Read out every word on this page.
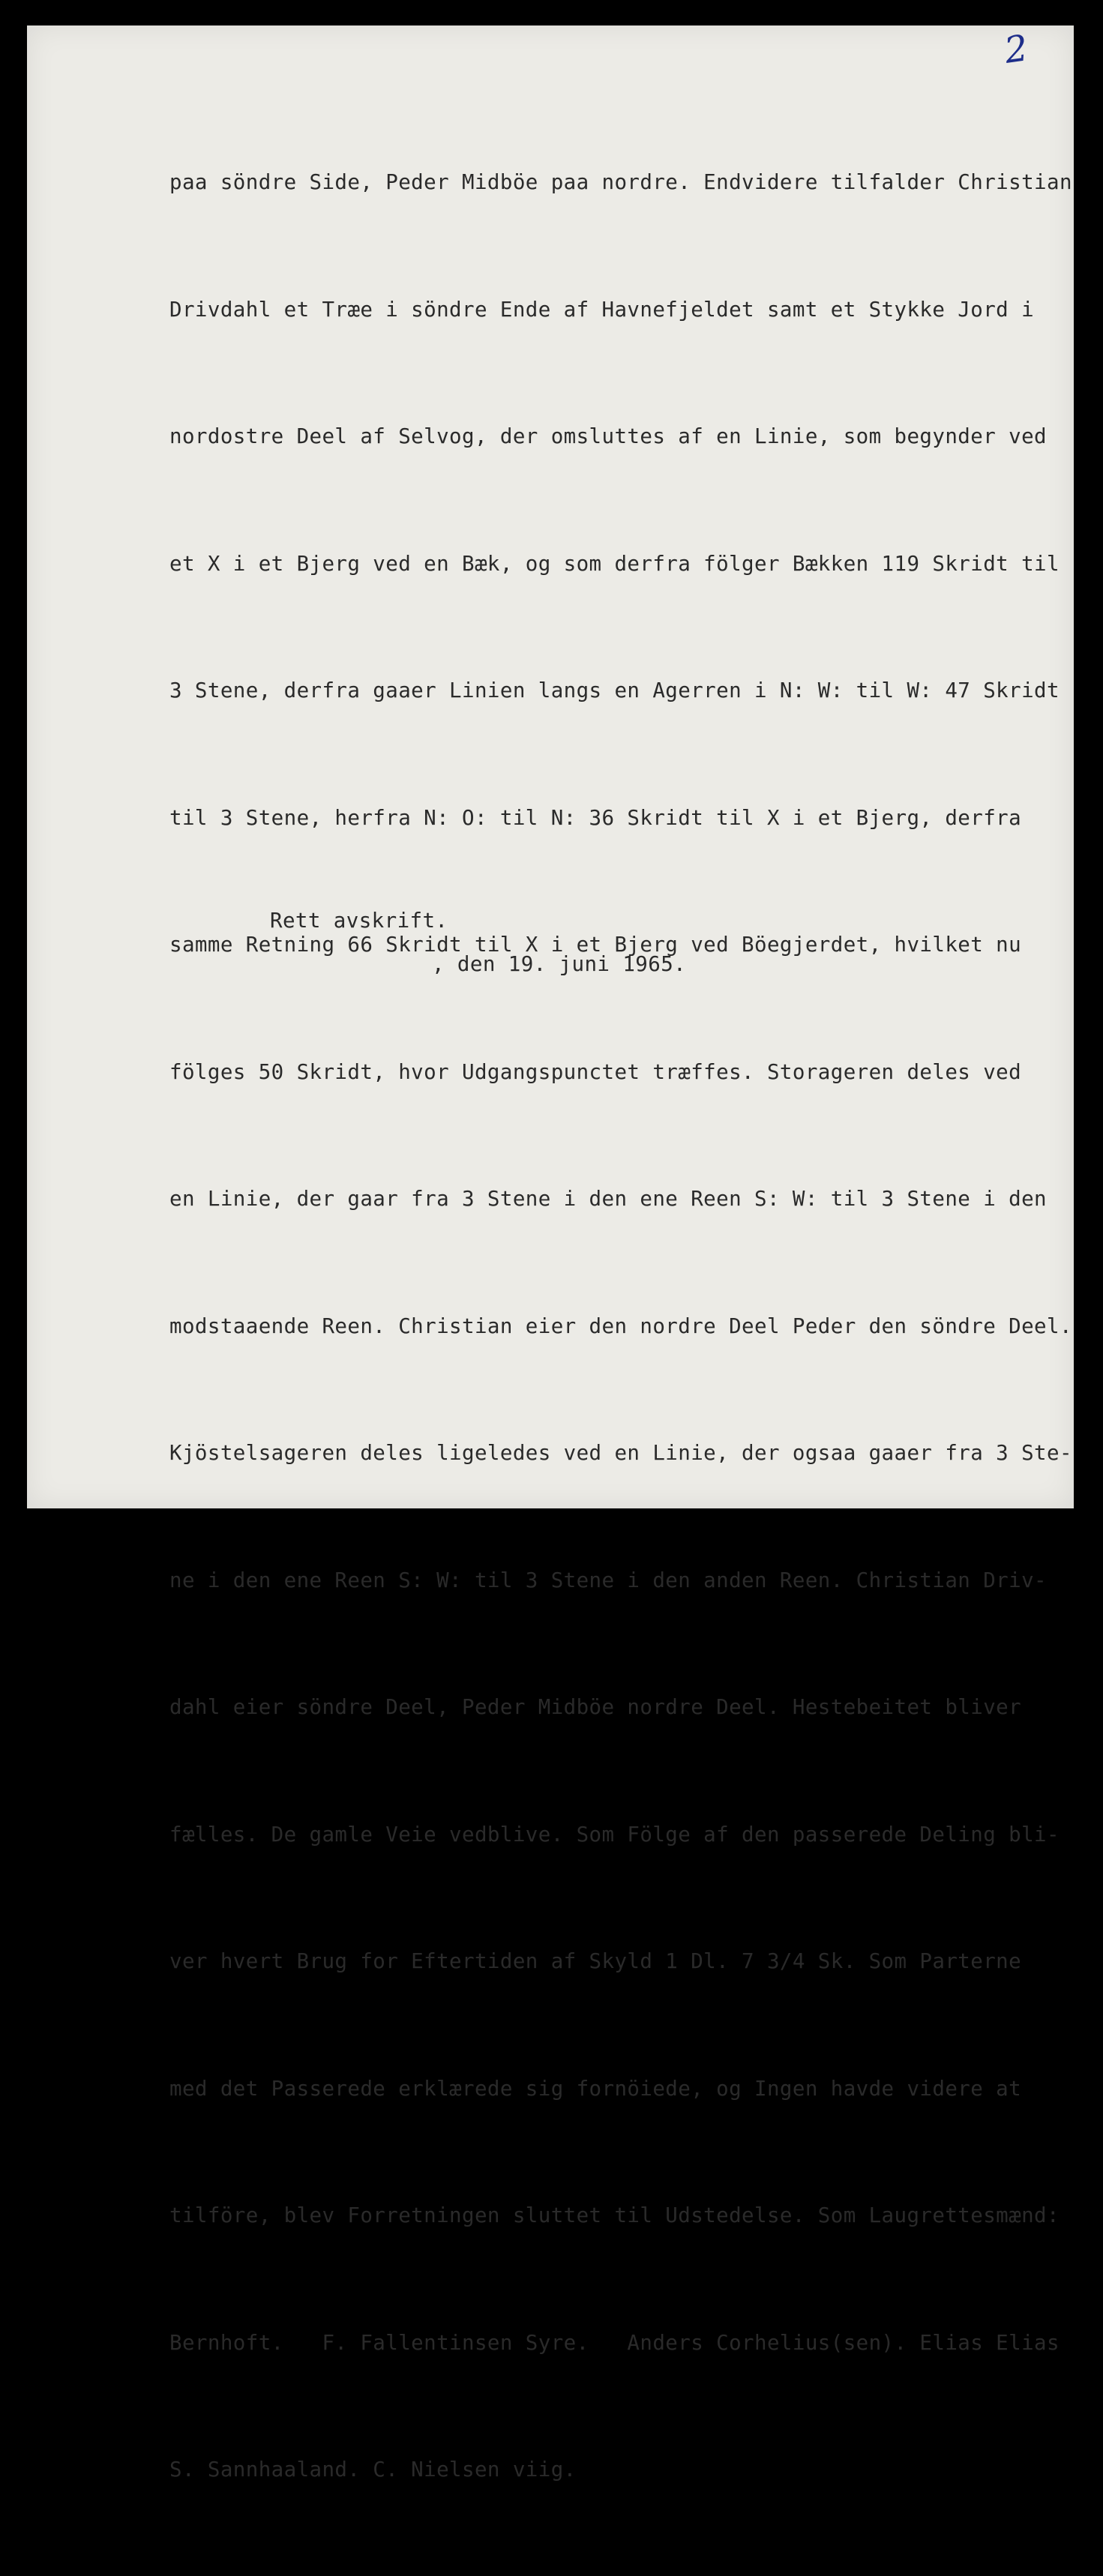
2

paa söndre Side, Peder Midböe paa nordre. Endvidere tilfalder Christian

Drivdahl et Træe i söndre Ende af Havnefjeldet samt et Stykke Jord i

nordostre Deel af Selvog, der omsluttes af en Linie, som begynder ved

et X i et Bjerg ved en Bæk, og som derfra fölger Bækken 119 Skridt til

3 Stene, derfra gaaer Linien langs en Agerren i N: W: til W: 47 Skridt

til 3 Stene, herfra N: O: til N: 36 Skridt til X i et Bjerg, derfra

samme Retning 66 Skridt til X i et Bjerg ved Böegjerdet, hvilket nu

fölges 50 Skridt, hvor Udgangspunctet træffes. Storageren deles ved

en Linie, der gaar fra 3 Stene i den ene Reen S: W: til 3 Stene i den

modstaaende Reen. Christian eier den nordre Deel Peder den söndre Deel.

Kjöstelsageren deles ligeledes ved en Linie, der ogsaa gaaer fra 3 Ste-

ne i den ene Reen S: W: til 3 Stene i den anden Reen. Christian Driv-

dahl eier söndre Deel, Peder Midböe nordre Deel. Hestebeitet bliver

fælles. De gamle Veie vedblive. Som Fölge af den passerede Deling bli-

ver hvert Brug for Eftertiden af Skyld 1 Dl. 7 3/4 Sk. Som Parterne

med det Passerede erklærede sig fornöiede, og Ingen havde videre at

tilföre, blev Forretningen sluttet til Udstedelse. Som Laugrettesmænd:

Bernhoft.   F. Fallentinsen Syre.   Anders Corhelius(sen). Elias Elias

S. Sannhaaland. C. Nielsen viig.

Rett avskrift.
, den 19. juni 1965.
